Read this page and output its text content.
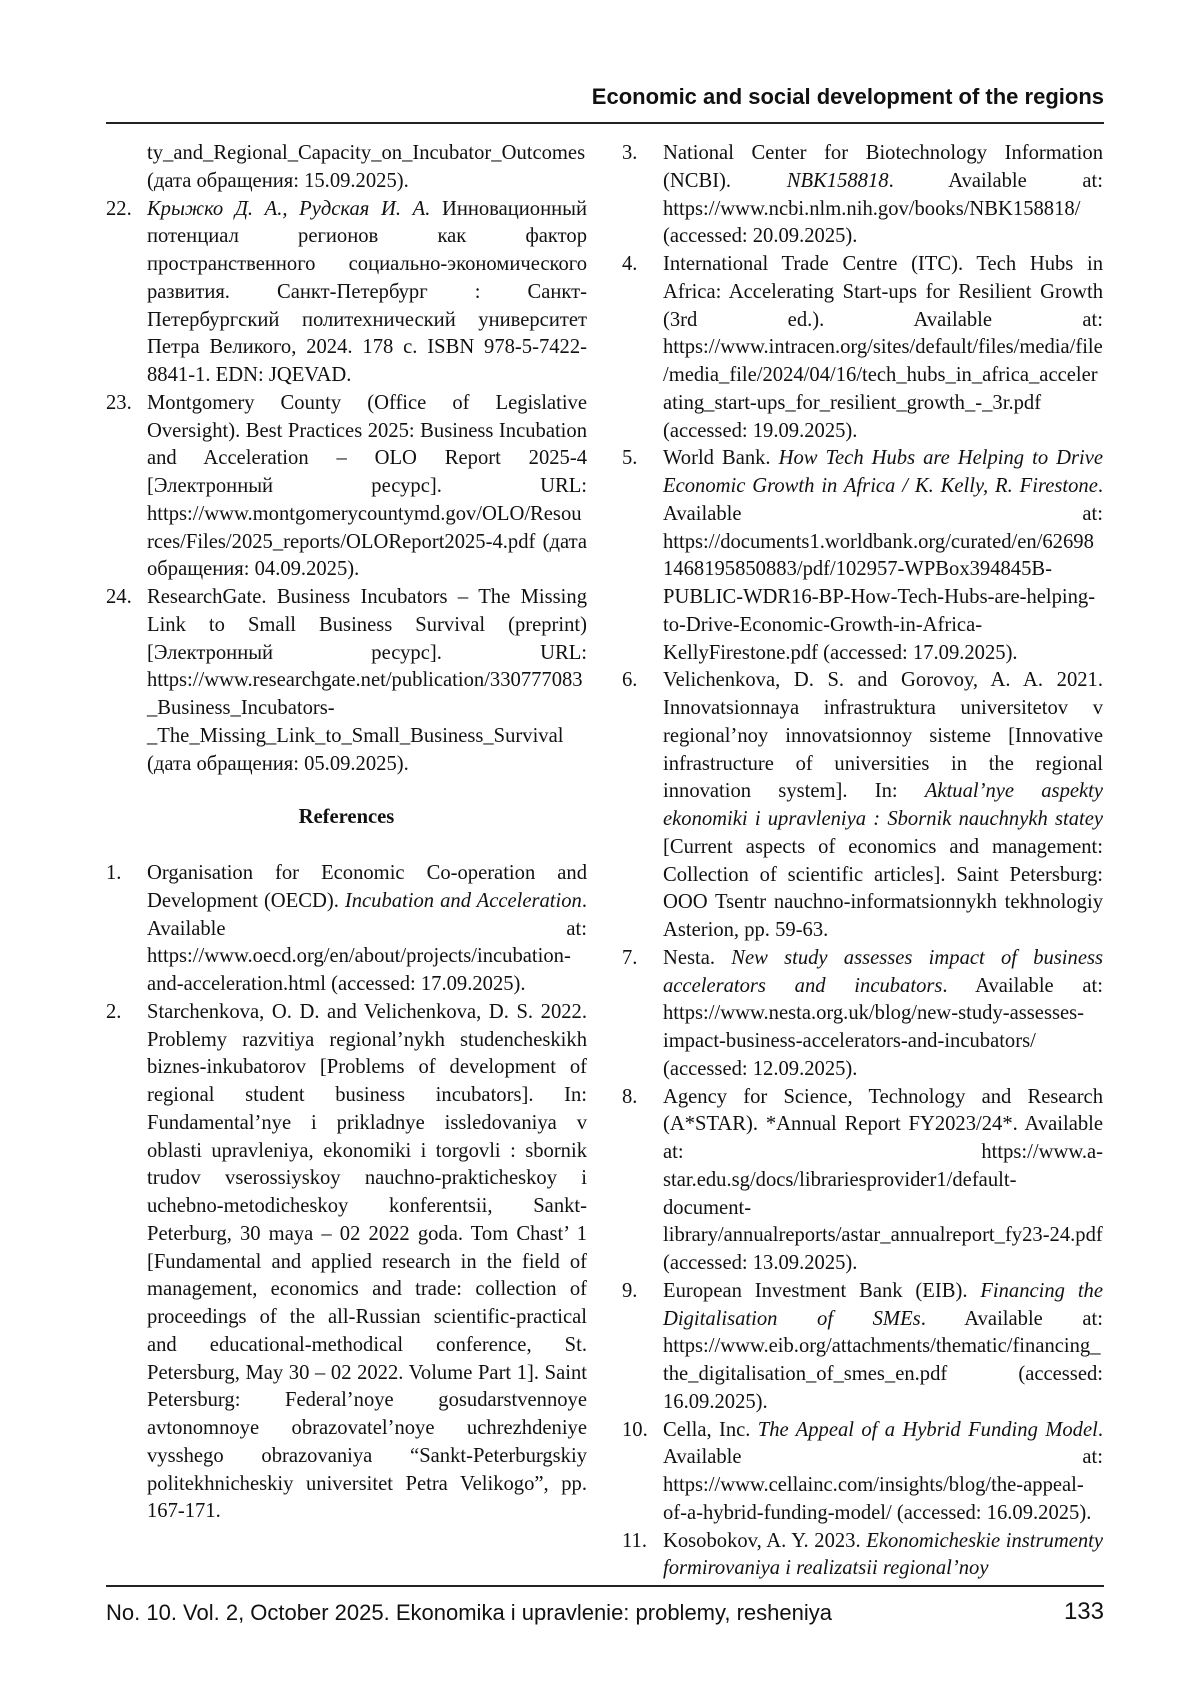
Economic and social development of the regions
ty_and_Regional_Capacity_on_Incubator_Outcomes (дата обращения: 15.09.2025).
22. Крыжко Д. А., Рудская И. А. Инновационный потенциал регионов как фактор пространственного социально-экономического развития. Санкт-Петербург : Санкт-Петербургский политехнический университет Петра Великого, 2024. 178 с. ISBN 978-5-7422-8841-1. EDN: JQEVAD.
23. Montgomery County (Office of Legislative Oversight). Best Practices 2025: Business Incubation and Acceleration – OLO Report 2025-4 [Электронный ресурс]. URL: https://www.montgomerycountymd.gov/OLO/Resources/Files/2025_reports/OLOReport2025-4.pdf (дата обращения: 04.09.2025).
24. ResearchGate. Business Incubators – The Missing Link to Small Business Survival (preprint) [Электронный ресурс]. URL: https://www.researchgate.net/publication/330777083_Business_Incubators-_The_Missing_Link_to_Small_Business_Survival (дата обращения: 05.09.2025).
References
1.	Organisation for Economic Co-operation and Development (OECD). Incubation and Acceleration. Available at: https://www.oecd.org/en/about/projects/incubation-and-acceleration.html (accessed: 17.09.2025).
2.	Starchenkova, O. D. and Velichenkova, D. S. 2022. Problemy razvitiya regional’nykh studencheskikh biznes-inkubatorov [Problems of development of regional student business incubators]. In: Fundamental’nye i prikladnye issledovaniya v oblasti upravleniya, ekonomiki i torgovli : sbornik trudov vserossiyskoy nauchno-prakticheskoy i uchebno-metodicheskoy konferentsii, Sankt-Peterburg, 30 maya – 02 2022 goda. Tom Chast’ 1 [Fundamental and applied research in the field of management, economics and trade: collection of proceedings of the all-Russian scientific-practical and educational-methodical conference, St. Petersburg, May 30 – 02 2022. Volume Part 1]. Saint Petersburg: Federal’noye gosudarstvennoye avtonomnoye obrazovatel’noye uchrezhdeniye vysshego obrazovaniya “Sankt-Peterburgskiy politekhnicheskiy universitet Petra Velikogo”, pp. 167-171.
3.	National Center for Biotechnology Information (NCBI). NBK158818. Available at: https://www.ncbi.nlm.nih.gov/books/NBK158818/ (accessed: 20.09.2025).
4.	International Trade Centre (ITC). Tech Hubs in Africa: Accelerating Start-ups for Resilient Growth (3rd ed.). Available at: https://www.intracen.org/sites/default/files/media/file/media_file/2024/04/16/tech_hubs_in_africa_accelerating_start-ups_for_resilient_growth_-_3r.pdf (accessed: 19.09.2025).
5.	World Bank. How Tech Hubs are Helping to Drive Economic Growth in Africa / K. Kelly, R. Firestone. Available at: https://documents1.worldbank.org/curated/en/626981468195850883/pdf/102957-WPBox394845B-PUBLIC-WDR16-BP-How-Tech-Hubs-are-helping-to-Drive-Economic-Growth-in-Africa-KellyFirestone.pdf (accessed: 17.09.2025).
6.	Velichenkova, D. S. and Gorovoy, A. A. 2021. Innovatsionnaya infrastruktura universitetov v regional’noy innovatsionnoy sisteme [Innovative infrastructure of universities in the regional innovation system]. In: Aktual’nye aspekty ekonomiki i upravleniya : Sbornik nauchnykh statey [Current aspects of economics and management: Collection of scientific articles]. Saint Petersburg: OOO Tsentr nauchno-informatsionnykh tekhnologiy Asterion, pp. 59-63.
7.	Nesta. New study assesses impact of business accelerators and incubators. Available at: https://www.nesta.org.uk/blog/new-study-assesses-impact-business-accelerators-and-incubators/ (accessed: 12.09.2025).
8.	Agency for Science, Technology and Research (A*STAR). *Annual Report FY2023/24*. Available at: https://www.a-star.edu.sg/docs/librariesprovider1/default-document-library/annualreports/astar_annualreport_fy23-24.pdf (accessed: 13.09.2025).
9.	European Investment Bank (EIB). Financing the Digitalisation of SMEs. Available at: https://www.eib.org/attachments/thematic/financing_the_digitalisation_of_smes_en.pdf (accessed: 16.09.2025).
10. Cella, Inc. The Appeal of a Hybrid Funding Model. Available at: https://www.cellainc.com/insights/blog/the-appeal-of-a-hybrid-funding-model/ (accessed: 16.09.2025).
11. Kosobokov, A. Y. 2023. Ekonomicheskie instrumenty formirovaniya i realizatsii regional’noy
No. 10. Vol. 2, October 2025. Ekonomika i upravlenie: problemy, resheniya	133
